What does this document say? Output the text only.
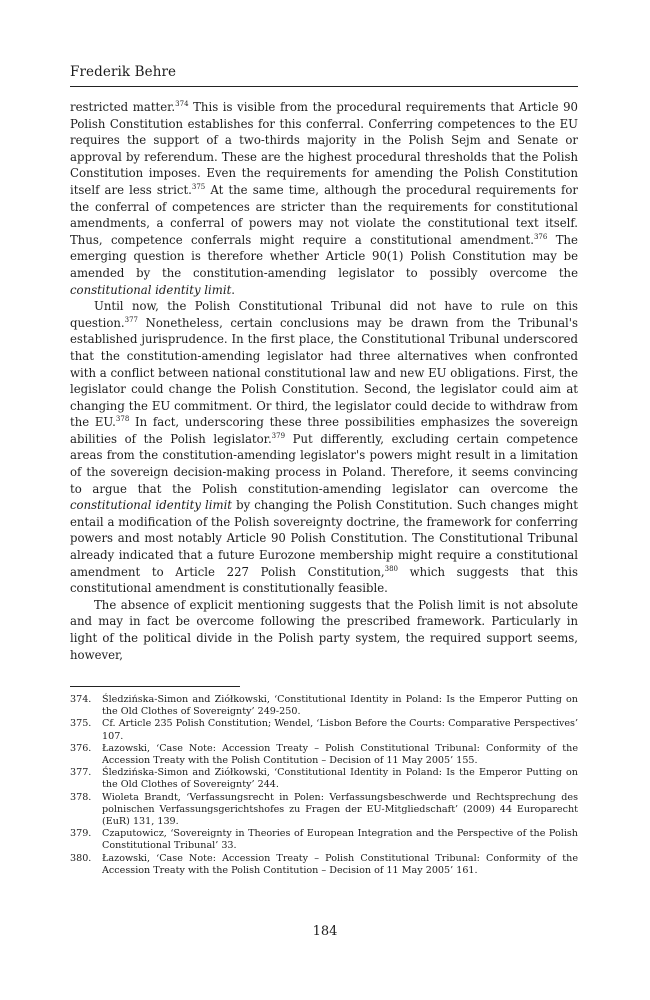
Frederik Behre

restricted matter.$^{374}$ This is visible from the procedural requirements that Article 90 Polish Constitution establishes for this conferral. Conferring competences to the EU requires the support of a two-thirds majority in the Polish Sejm and Senate or approval by referendum. These are the highest procedural thresholds that the Polish Constitution imposes. Even the requirements for amending the Polish Constitution itself are less strict.$^{375}$ At the same time, although the procedural requirements for the conferral of competences are stricter than the requirements for constitutional amendments, a conferral of powers may not violate the constitutional text itself. Thus, competence conferrals might require a constitutional amendment.$^{376}$ The emerging question is therefore whether Article 90(1) Polish Constitution may be amended by the constitution-amending legislator to possibly overcome the constitutional identity limit.

Until now, the Polish Constitutional Tribunal did not have to rule on this question.$^{377}$ Nonetheless, certain conclusions may be drawn from the Tribunal's established jurisprudence. In the first place, the Constitutional Tribunal underscored that the constitution-amending legislator had three alternatives when confronted with a conflict between national constitutional law and new EU obligations. First, the legislator could change the Polish Constitution. Second, the legislator could aim at changing the EU commitment. Or third, the legislator could decide to withdraw from the EU.$^{378}$ In fact, underscoring these three possibilities emphasizes the sovereign abilities of the Polish legislator.$^{379}$ Put differently, excluding certain competence areas from the constitution-amending legislator's powers might result in a limitation of the sovereign decision-making process in Poland. Therefore, it seems convincing to argue that the Polish constitution-amending legislator can overcome the constitutional identity limit by changing the Polish Constitution. Such changes might entail a modification of the Polish sovereignty doctrine, the framework for conferring powers and most notably Article 90 Polish Constitution. The Constitutional Tribunal already indicated that a future Eurozone membership might require a constitutional amendment to Article 227 Polish Constitution,$^{380}$ which suggests that this constitutional amendment is constitutionally feasible.

The absence of explicit mentioning suggests that the Polish limit is not absolute and may in fact be overcome following the prescribed framework. Particularly in light of the political divide in the Polish party system, the required support seems, however,

374.	Śledzińska-Simon and Ziółkowski, ‘Constitutional Identity in Poland: Is the Emperor Putting on the Old Clothes of Sovereignty’ 249-250.
375.	Cf. Article 235 Polish Constitution; Wendel, ‘Lisbon Before the Courts: Comparative Perspectives’ 107.
376.	Łazowski, ‘Case Note: Accession Treaty – Polish Constitutional Tribunal: Conformity of the Accession Treaty with the Polish Contitution – Decision of 11 May 2005’ 155.
377.	Śledzińska-Simon and Ziółkowski, ‘Constitutional Identity in Poland: Is the Emperor Putting on the Old Clothes of Sovereignty’ 244.
378.	Wioleta Brandt, ‘Verfassungsrecht in Polen: Verfassungsbeschwerde und Rechtsprechung des polnischen Verfassungsgerichtshofes zu Fragen der EU-Mitgliedschaft’ (2009) 44 Europarecht (EuR) 131, 139.
379.	Czaputowicz, ‘Sovereignty in Theories of European Integration and the Perspective of the Polish Constitutional Tribunal’ 33.
380.	Łazowski, ‘Case Note: Accession Treaty – Polish Constitutional Tribunal: Conformity of the Accession Treaty with the Polish Contitution – Decision of 11 May 2005’ 161.
184
